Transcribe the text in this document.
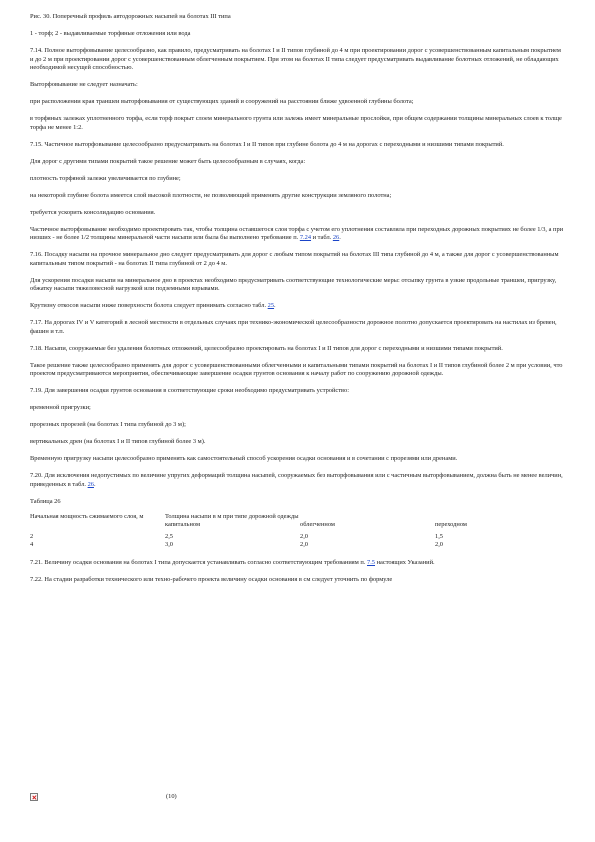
Рис. 30. Поперечный профиль автодорожных насыпей на болотах III типа

1 - торф; 2 - выдавливаемые торфяные отложения или вода

7.14. Полное выторфовывание целесообразно, как правило, предусматривать на болотах I и II типов глубиной до 4 м при проектировании дорог с усовершенствованным капитальным покрытием и до 2 м при проектировании дорог с усовершенствованным облегченным покрытием. При этом на болотах II типа следует предусматривать выдавливание болотных отложений, не обладающих необходимой несущей способностью.

Выторфовывание не следует назначать:

при расположении края траншеи выторфовывания от существующих зданий и сооружений на расстоянии ближе удвоенной глубины болота;

в торфяных залежах уплотненного торфа, если торф покрыт слоем минерального грунта или залежь имеет минеральные прослойки, при общем содержании толщины минеральных слоев к толще торфа не менее 1:2.

7.15. Частичное выторфовывание целесообразно предусматривать на болотах I и II типов при глубине болота до 4 м на дорогах с переходными и низшими типами покрытий.

Для дорог с другими типами покрытий такое решение может быть целесообразным в случаях, когда:

плотность торфяной залежи увеличивается по глубине;

на некоторой глубине болота имеется слой высокой плотности, не позволяющий применять другие конструкции земляного полотна;

требуется ускорить консолидацию основания.

Частичное выторфовывание необходимо проектировать так, чтобы толщина оставшегося слоя торфа с учетом его уплотнения составляла при переходных дорожных покрытиях не более 1/3, а при низших - не более 1/2 толщины минеральной части насыпи или была бы выполнено требование п. 7.24 и табл. 26.

7.16. Посадку насыпи на прочное минеральное дно следует предусматривать для дорог с любым типом покрытий на болотах III типа глубиной до 4 м, а также для дорог с усовершенствованным капитальным типом покрытий - на болотах II типа глубиной от 2 до 4 м.

Для ускорения посадки насыпи на минеральное дно в проектах необходимо предусматривать соответствующие технологические меры: отсыпку грунта в узкие продольные траншеи, пригрузку, обжатку насыпи тяжеловесной нагрузкой или подземными взрывами.

Крутизну откосов насыпи ниже поверхности болота следует принимать согласно табл. 25.

7.17. На дорогах IV и V категорий в лесной местности в отдельных случаях при технико-экономической целесообразности дорожное полотно допускается проектировать на настилах из бревен, фашин и т.п.

7.18. Насыпи, сооружаемые без удаления болотных отложений, целесообразно проектировать на болотах I и II типов для дорог с переходными и низшими типами покрытий.

Такое решение также целесообразно применять для дорог с усовершенствованными облегченными и капитальными типами покрытий на болотах I и II типов глубиной более 2 м при условии, что проектом предусматриваются мероприятия, обеспечивающие завершение осадки грунтов основания к началу работ по сооружению дорожной одежды.

7.19. Для завершения осадки грунтов основания в соответствующие сроки необходимо предусматривать устройство:

временной пригрузки;

прорезных прорезей (на болотах I типа глубиной до 3 м);

вертикальных дрен (на болотах I и II типов глубиной более 3 м).

Временную пригрузку насыпи целесообразно применять как самостоятельный способ ускорения осадки основания и в сочетании с прорезями или дренами.

7.20. Для исключения недопустимых по величине упругих деформаций толщина насыпей, сооружаемых без выторфовывания или с частичным выторфовыванием, должна быть не менее величин, приведенных в табл. 26.

Таблица 26

Начальная мощность сжимаемого слоя, м	Толщина насыпи в м при типе дорожной одежды		
	капитальном	облегченном	переходном
2	2,5	2,0	1,5
4	3,0	2,0	2,0

7.21. Величину осадки основания на болотах I типа допускается устанавливать согласно соответствующим требованиям п. 7.5 настоящих Указаний.

7.22. На стадии разработки технического или техно-рабочего проекта величину осадки основания в см следует уточнить по формуле

(10)
